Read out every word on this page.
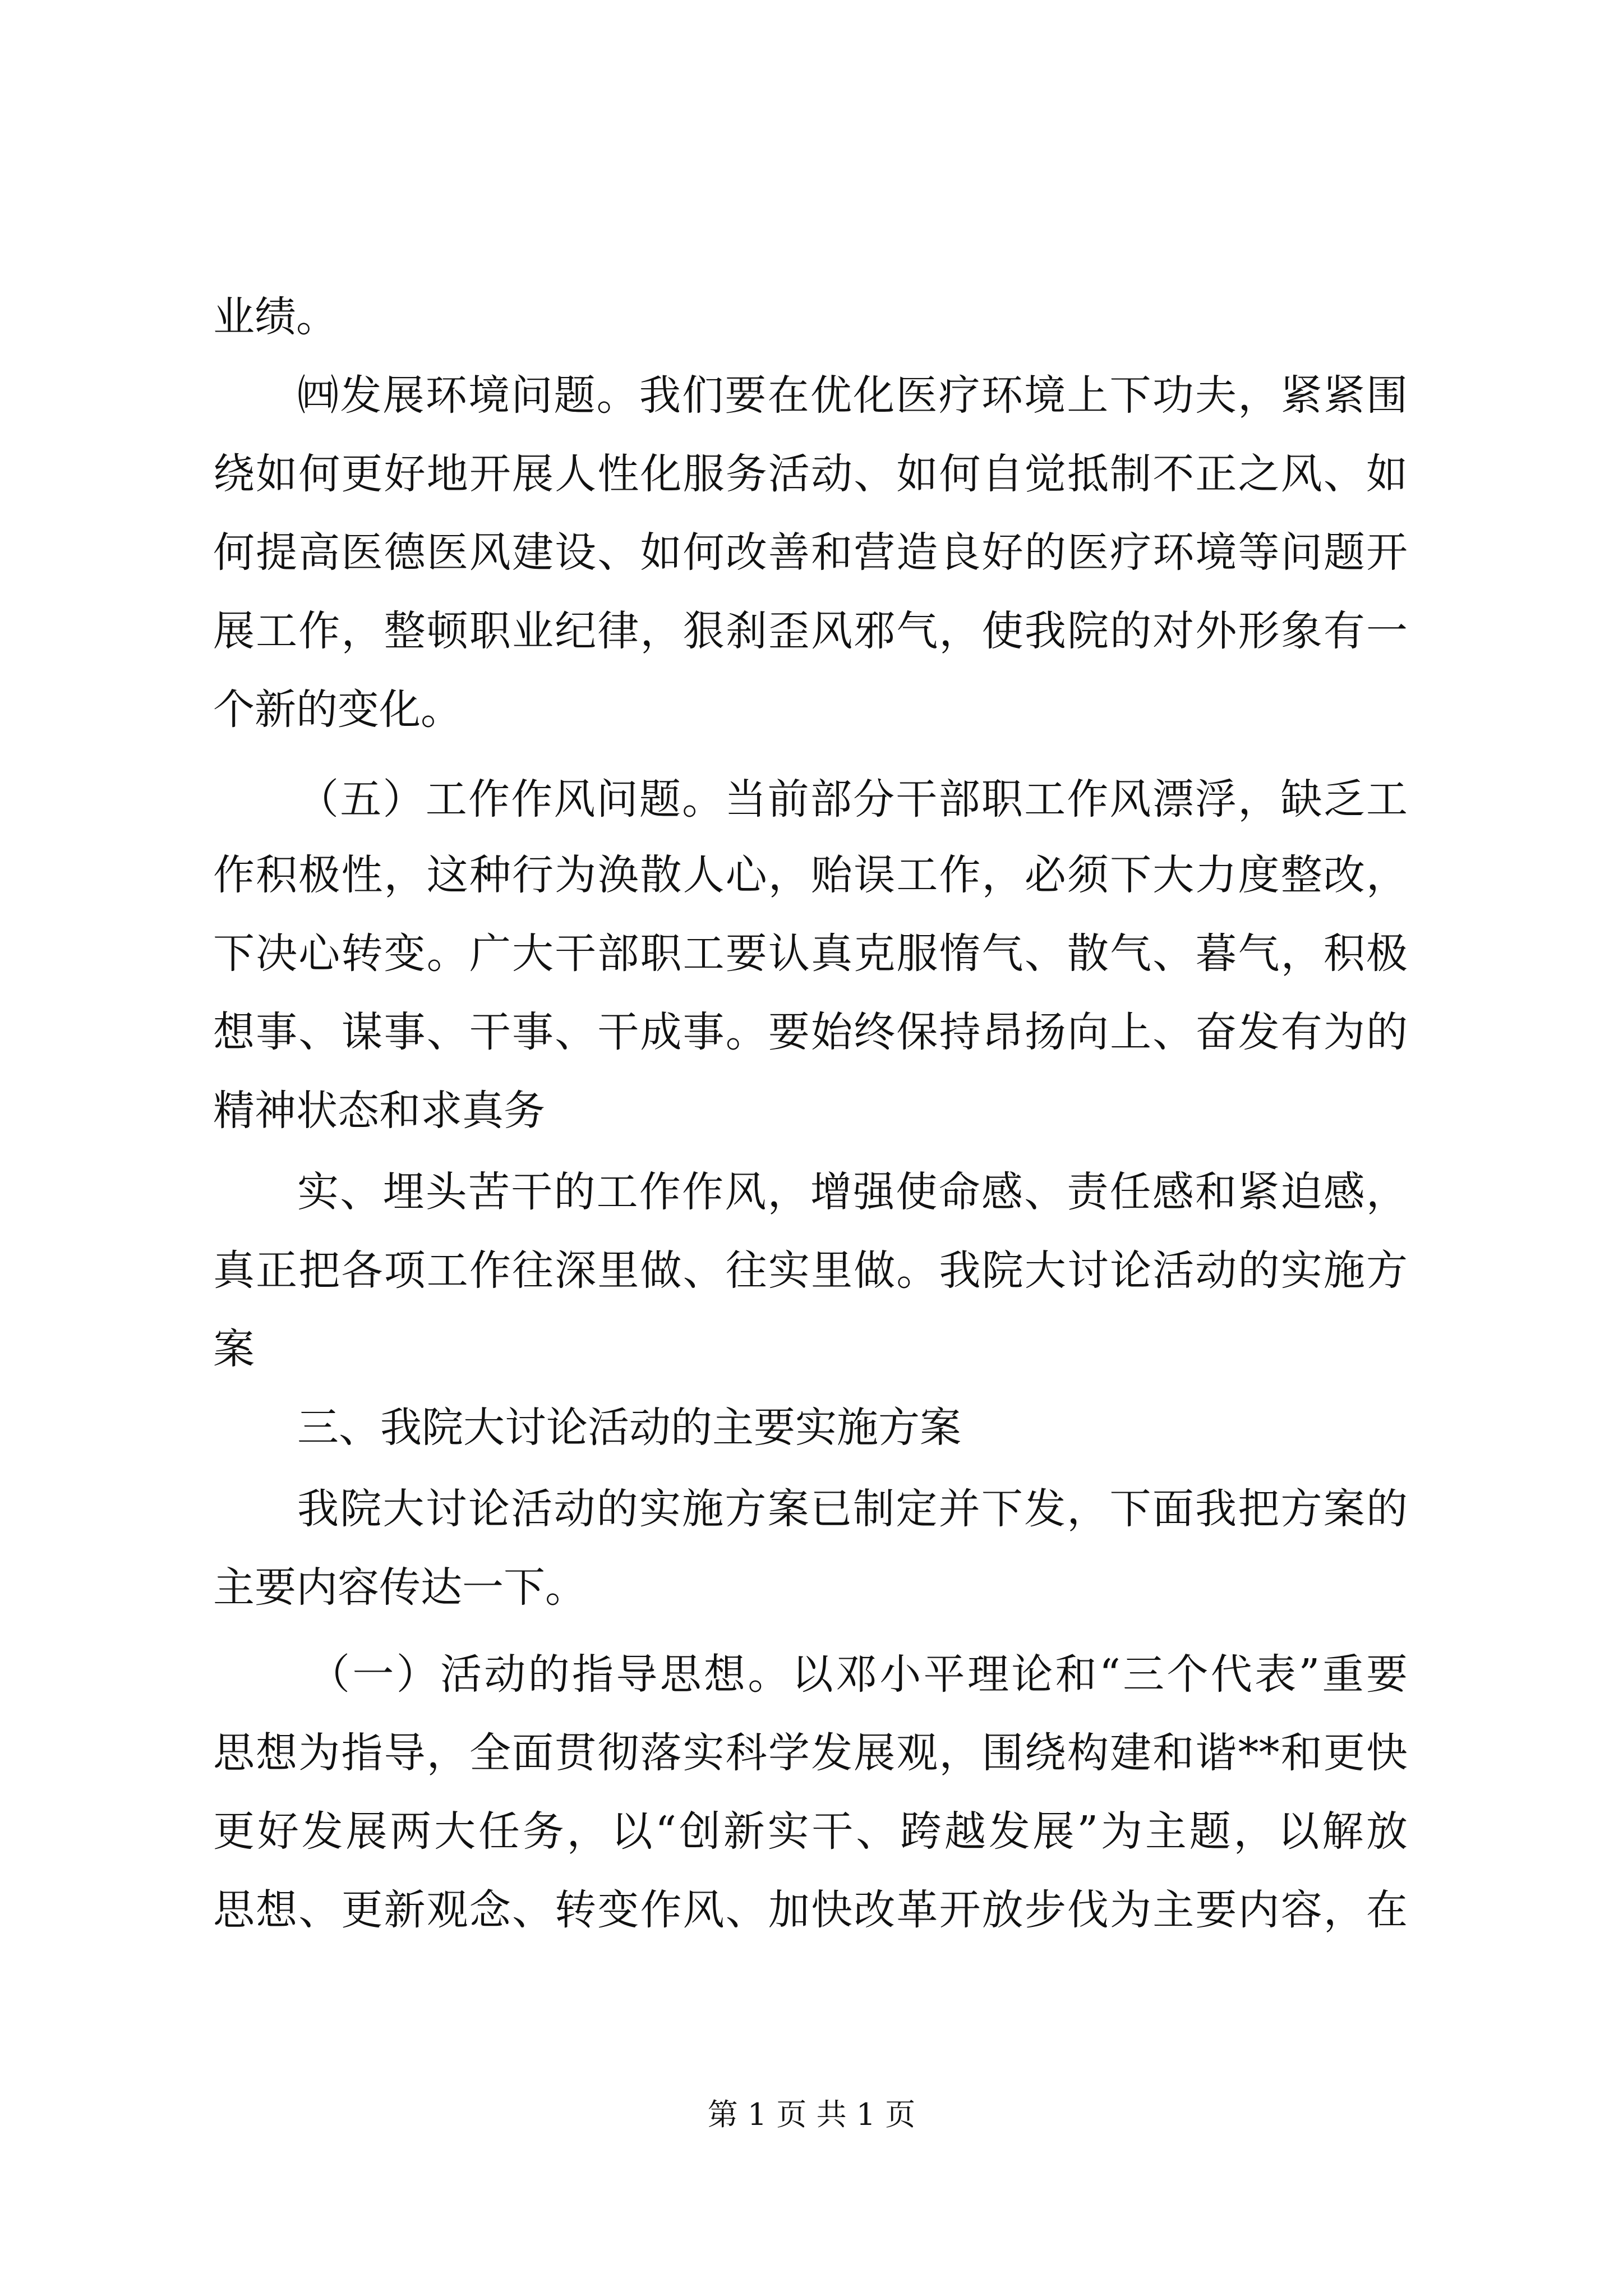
业绩。
㈣发展环境问题。我们要在优化医疗环境上下功夫，紧紧围
绕如何更好地开展人性化服务活动、如何自觉抵制不正之风、如
何提高医德医风建设、如何改善和营造良好的医疗环境等问题开
展工作，整顿职业纪律，狠刹歪风邪气，使我院的对外形象有一
个新的变化。
（五）工作作风问题。当前部分干部职工作风漂浮，缺乏工
作积极性，这种行为涣散人心，贻误工作，必须下大力度整改，
下决心转变。广大干部职工要认真克服惰气、散气、暮气，积极
想事、谋事、干事、干成事。要始终保持昂扬向上、奋发有为的
精神状态和求真务
实、埋头苦干的工作作风，增强使命感、责任感和紧迫感，
真正把各项工作往深里做、往实里做。我院大讨论活动的实施方
案
三、我院大讨论活动的主要实施方案
我院大讨论活动的实施方案已制定并下发，下面我把方案的
主要内容传达一下。
（一）活动的指导思想。以邓小平理论和“三个代表”重要
思想为指导，全面贯彻落实科学发展观，围绕构建和谐**和更快
更好发展两大任务，以“创新实干、跨越发展”为主题，以解放
思想、更新观念、转变作风、加快改革开放步伐为主要内容，在
第 1 页 共 1 页
